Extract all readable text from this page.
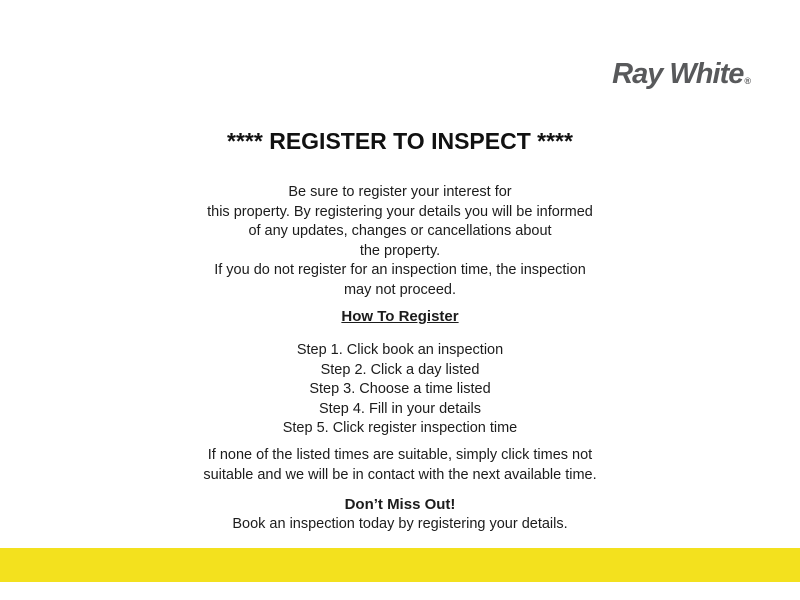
Ray White®
**** REGISTER TO INSPECT ****
Be sure to register your interest for
this property. By registering your details you will be informed
of any updates, changes or cancellations about
the property.
If you do not register for an inspection time, the inspection
may not proceed.
How To Register
Step 1. Click book an inspection
Step 2. Click a day listed
Step 3. Choose a time listed
Step 4. Fill in your details
Step 5. Click register inspection time
If none of the listed times are suitable, simply click times not
suitable and we will be in contact with the next available time.
Don’t Miss Out!
Book an inspection today by registering your details.
